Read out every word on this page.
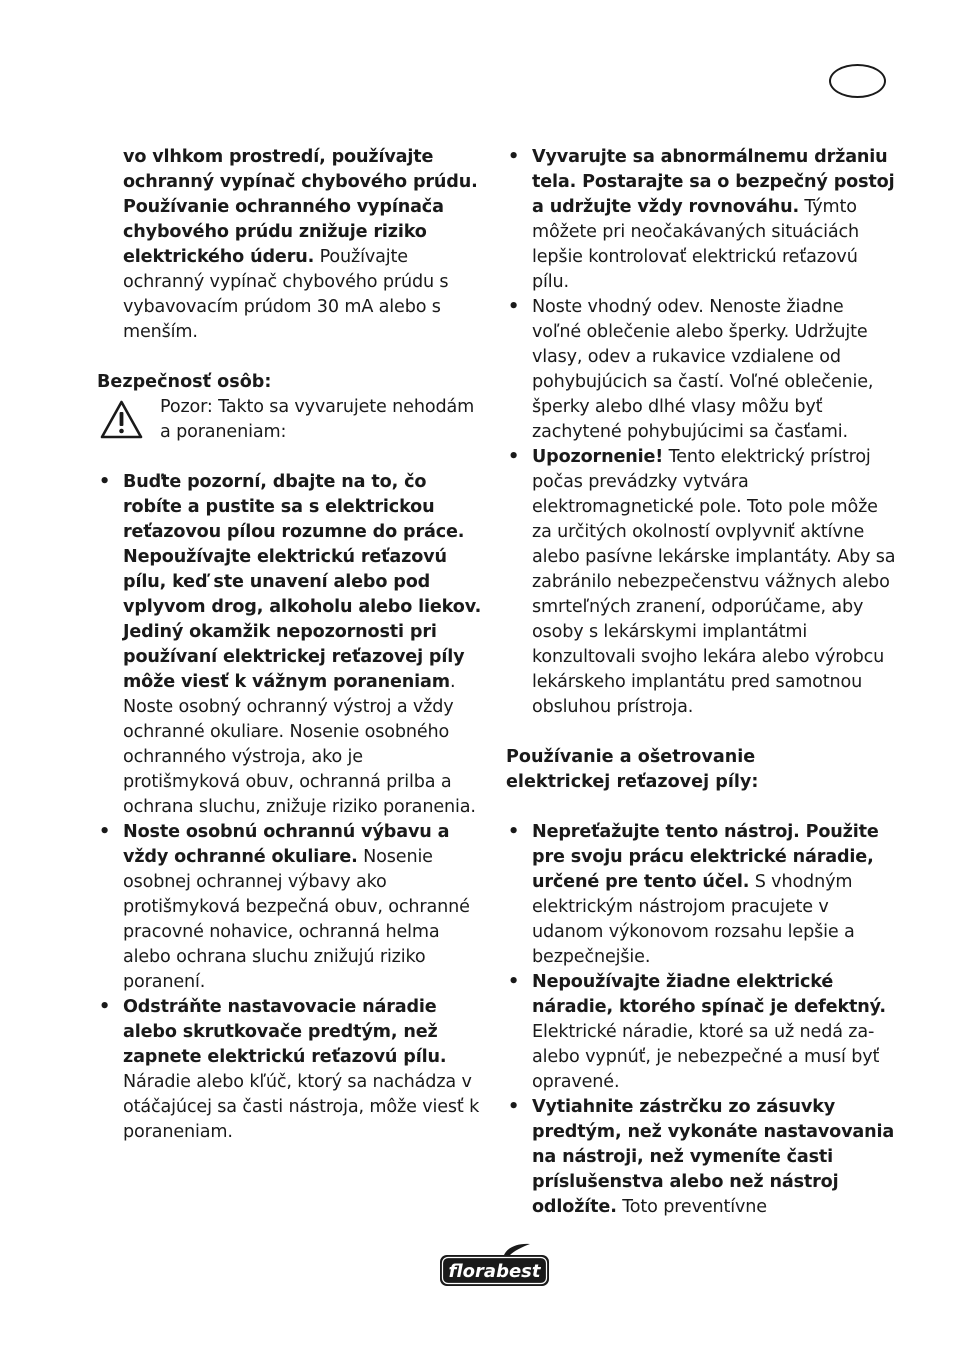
vo vlhkom prostredí, používajte ochranný vypínač chybového prúdu. Používanie ochranného vypínača chybového prúdu znižuje riziko elektrického úderu. Používajte ochranný vypínač chybového prúdu s vybavovacím prúdom 30 mA alebo s menším.
Bezpečnosť osôb:
Pozor: Takto sa vyvarujete nehodám a poraneniam:
• Buďte pozorní, dbajte na to, čo robíte a pustite sa s elektrickou reťazovou pílou rozumne do práce. Nepoužívajte elektrickú reťazovú pílu, keď ste unavení alebo pod vplyvom drog, alkoholu alebo liekov. Jediný okamžik nepozornosti pri používaní elektrickej reťazovej píly môže viesť k vážnym poraneniam.
Noste osobný ochranný výstroj a vždy ochranné okuliare. Nosenie osobného ochranného výstroja, ako je protišmyková obuv, ochranná prilba a ochrana sluchu, znižuje riziko poranenia.
• Noste osobnú ochrannú výbavu a vždy ochranné okuliare. Nosenie osobnej ochrannej výbavy ako protišmyková bezpečná obuv, ochranné pracovné nohavice, ochranná helma alebo ochrana sluchu znižujú riziko poranení.
• Odstráňte nastavovacie náradie alebo skrutkovače predtým, než zapnete elektrickú reťazovú pílu. Náradie alebo kľúč, ktorý sa nachádza v otáčajúcej sa časti nástroja, môže viesť k poraneniam.
• Vyvarujte sa abnormálnemu držaniu tela. Postarajte sa o bezpečný postoj a udržujte vždy rovnováhu. Týmto môžete pri neočakávaných situáciách lepšie kontrolovať elektrickú reťazovú pílu.
• Noste vhodný odev. Nenoste žiadne voľné oblečenie alebo šperky. Udržujte vlasy, odev a rukavice vzdialene od pohybujúcich sa častí. Voľné oblečenie, šperky alebo dlhé vlasy môžu byť zachytené pohybujúcimi sa časťami.
• Upozornenie! Tento elektrický prístroj počas prevádzky vytvára elektromagnetické pole. Toto pole môže za určitých okolností ovplyvniť aktívne alebo pasívne lekárske implantáty. Aby sa zabránilo nebezpečenstvu vážnych alebo smrteľných zranení, odporúčame, aby osoby s lekárskymi implantátmi konzultovali svojho lekára alebo výrobcu lekárskeho implantátu pred samotnou obsluhou prístroja.
Používanie a ošetrovanie elektrickej reťazovej píly:
• Nepreťažujte tento nástroj. Použite pre svoju prácu elektrické náradie, určené pre tento účel. S vhodným elektrickým nástrojom pracujete v udanom výkonovom rozsahu lepšie a bezpečnejšie.
• Nepoužívajte žiadne elektrické náradie, ktorého spínač je defektný. Elektrické náradie, ktoré sa už nedá za- alebo vypnúť, je nebezpečné a musí byť opravené.
• Vytiahnite zástrčku zo zásuvky predtým, než vykonáte nastavovania na nástroji, než vymeníte časti príslušenstva alebo než nástroj odložíte. Toto preventívne
florabest
